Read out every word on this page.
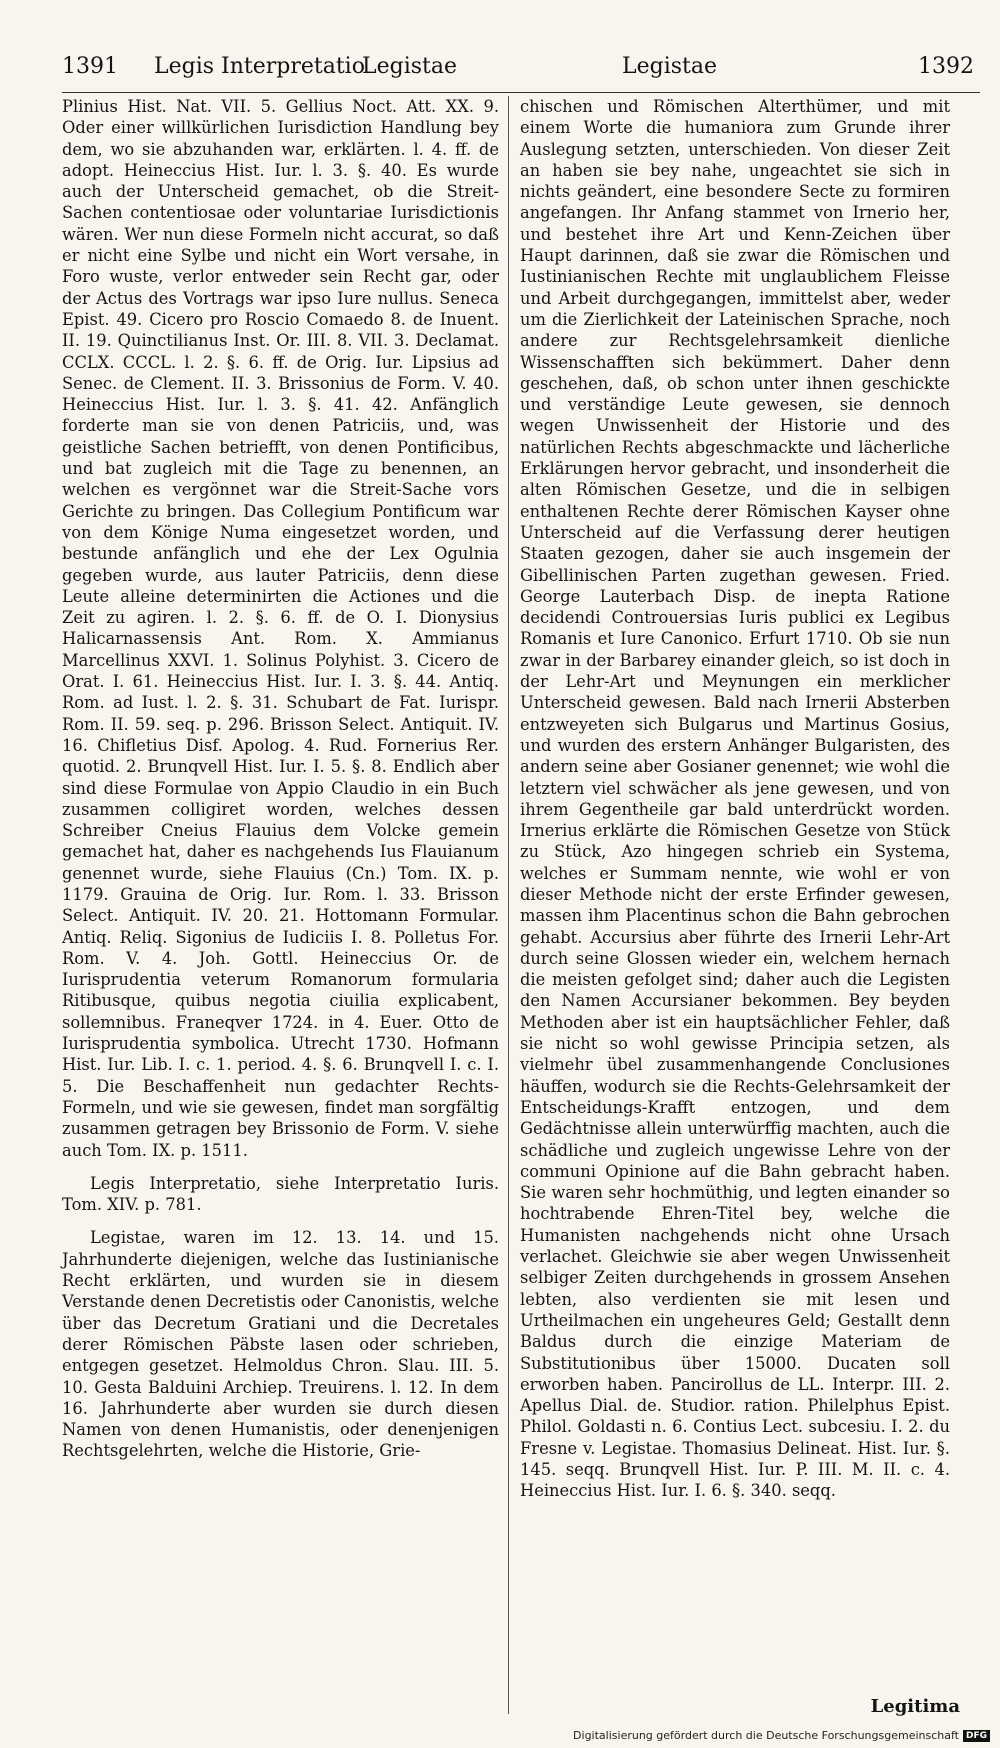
1391 Legis Interpretatio
Legistae	Legistae	1392

Plinius Hist. Nat. VII. 5. Gellius Noct. Att. XX. 9. Oder einer willkürlichen Iurisdiction Handlung bey dem, wo sie abzuhanden war, erklärten. l. 4. ff. de adopt. Heineccius Hist. Iur. l. 3. §. 40. Es wurde auch der Unterscheid gemachet, ob die Streit-Sachen contentiosae oder voluntariae Iurisdictionis wären. Wer nun diese Formeln nicht accurat, so daß er nicht eine Sylbe und nicht ein Wort versahe, in Foro wuste, verlor entweder sein Recht gar, oder der Actus des Vortrags war ipso Iure nullus. Seneca Epist. 49. Cicero pro Roscio Comaedo 8. de Inuent. II. 19. Quinctilianus Inst. Or. III. 8. VII. 3. Declamat. CCLX. CCCL. l. 2. §. 6. ff. de Orig. Iur. Lipsius ad Senec. de Clement. II. 3. Brissonius de Form. V. 40. Heineccius Hist. Iur. l. 3. §. 41. 42. Anfänglich forderte man sie von denen Patriciis, und, was geistliche Sachen betriefft, von denen Pontificibus, und bat zugleich mit die Tage zu benennen, an welchen es vergönnet war die Streit-Sache vors Gerichte zu bringen. Das Collegium Pontificum war von dem Könige Numa eingesetzet worden, und bestunde anfänglich und ehe der Lex Ogulnia gegeben wurde, aus lauter Patriciis, denn diese Leute alleine determinirten die Actiones und die Zeit zu agiren. l. 2. §. 6. ff. de O. I. Dionysius Halicarnassensis Ant. Rom. X. Ammianus Marcellinus XXVI. 1. Solinus Polyhist. 3. Cicero de Orat. I. 61. Heineccius Hist. Iur. I. 3. §. 44. Antiq. Rom. ad Iust. l. 2. §. 31. Schubart de Fat. Iurispr. Rom. II. 59. seq. p. 296. Brisson Select. Antiquit. IV. 16. Chifletius Disf. Apolog. 4. Rud. Fornerius Rer. quotid. 2. Brunqvell Hist. Iur. I. 5. §. 8. Endlich aber sind diese Formulae von Appio Claudio in ein Buch zusammen colligiret worden, welches dessen Schreiber Cneius Flauius dem Volcke gemein gemachet hat, daher es nachgehends Ius Flauianum genennet wurde, siehe Flauius (Cn.) Tom. IX. p. 1179. Grauina de Orig. Iur. Rom. l. 33. Brisson Select. Antiquit. IV. 20. 21. Hottomann Formular. Antiq. Reliq. Sigonius de Iudiciis I. 8. Polletus For. Rom. V. 4. Joh. Gottl. Heineccius Or. de Iurisprudentia veterum Romanorum formularia Ritibusque, quibus negotia ciuilia explicabent, sollemnibus. Franeqver 1724. in 4. Euer. Otto de Iurisprudentia symbolica. Utrecht 1730. Hofmann Hist. Iur. Lib. I. c. 1. period. 4. §. 6. Brunqvell I. c. I. 5. Die Beschaffenheit nun gedachter Rechts-Formeln, und wie sie gewesen, findet man sorgfältig zusammen getragen bey Brissonio de Form. V. siehe auch Tom. IX. p. 1511.

Legis Interpretatio, siehe Interpretatio Iuris. Tom. XIV. p. 781.

Legistae, waren im 12. 13. 14. und 15. Jahrhunderte diejenigen, welche das Iustinianische Recht erklärten, und wurden sie in diesem Verstande denen Decretistis oder Canonistis, welche über das Decretum Gratiani und die Decretales derer Römischen Päbste lasen oder schrieben, entgegen gesetzet. Helmoldus Chron. Slau. III. 5. 10. Gesta Balduini Archiep. Treuirens. l. 12. In dem 16. Jahrhunderte aber wurden sie durch diesen Namen von denen Humanistis, oder denenjenigen Rechtsgelehrten, welche die Historie, Grie-

chischen und Römischen Alterthümer, und mit einem Worte die humaniora zum Grunde ihrer Auslegung setzten, unterschieden. Von dieser Zeit an haben sie bey nahe, ungeachtet sie sich in nichts geändert, eine besondere Secte zu formiren angefangen. Ihr Anfang stammet von Irnerio her, und bestehet ihre Art und Kenn-Zeichen über Haupt darinnen, daß sie zwar die Römischen und Iustinianischen Rechte mit unglaublichem Fleisse und Arbeit durchgegangen, immittelst aber, weder um die Zierlichkeit der Lateinischen Sprache, noch andere zur Rechtsgelehrsamkeit dienliche Wissenschafften sich bekümmert. Daher denn geschehen, daß, ob schon unter ihnen geschickte und verständige Leute gewesen, sie dennoch wegen Unwissenheit der Historie und des natürlichen Rechts abgeschmackte und lächerliche Erklärungen hervor gebracht, und insonderheit die alten Römischen Gesetze, und die in selbigen enthaltenen Rechte derer Römischen Kayser ohne Unterscheid auf die Verfassung derer heutigen Staaten gezogen, daher sie auch insgemein der Gibellinischen Parten zugethan gewesen. Fried. George Lauterbach Disp. de inepta Ratione decidendi Controuersias Iuris publici ex Legibus Romanis et Iure Canonico. Erfurt 1710. Ob sie nun zwar in der Barbarey einander gleich, so ist doch in der Lehr-Art und Meynungen ein merklicher Unterscheid gewesen. Bald nach Irnerii Absterben entzweyeten sich Bulgarus und Martinus Gosius, und wurden des erstern Anhänger Bulgaristen, des andern seine aber Gosianer genennet; wie wohl die letztern viel schwächer als jene gewesen, und von ihrem Gegentheile gar bald unterdrückt worden. Irnerius erklärte die Römischen Gesetze von Stück zu Stück, Azo hingegen schrieb ein Systema, welches er Summam nennte, wie wohl er von dieser Methode nicht der erste Erfinder gewesen, massen ihm Placentinus schon die Bahn gebrochen gehabt. Accursius aber führte des Irnerii Lehr-Art durch seine Glossen wieder ein, welchem hernach die meisten gefolget sind; daher auch die Legisten den Namen Accursianer bekommen. Bey beyden Methoden aber ist ein hauptsächlicher Fehler, daß sie nicht so wohl gewisse Principia setzen, als vielmehr übel zusammenhangende Conclusiones häuffen, wodurch sie die Rechts-Gelehrsamkeit der Entscheidungs-Krafft entzogen, und dem Gedächtnisse allein unterwürffig machten, auch die schädliche und zugleich ungewisse Lehre von der communi Opinione auf die Bahn gebracht haben. Sie waren sehr hochmüthig, und legten einander so hochtrabende Ehren-Titel bey, welche die Humanisten nachgehends nicht ohne Ursach verlachet. Gleichwie sie aber wegen Unwissenheit selbiger Zeiten durchgehends in grossem Ansehen lebten, also verdienten sie mit lesen und Urtheilmachen ein ungeheures Geld; Gestallt denn Baldus durch die einzige Materiam de Substitutionibus über 15000. Ducaten soll erworben haben. Pancirollus de LL. Interpr. III. 2. Apellus Dial. de. Studior. ration. Philelphus Epist. Philol. Goldasti n. 6. Contius Lect. subcesiu. I. 2. du Fresne v. Legistae. Thomasius Delineat. Hist. Iur. §. 145. seqq. Brunqvell Hist. Iur. P. III. M. II. c. 4. Heineccius Hist. Iur. I. 6. §. 340. seqq.

Legitima
Digitalisierung gefördert durch die Deutsche Forschungsgemeinschaft DFG
